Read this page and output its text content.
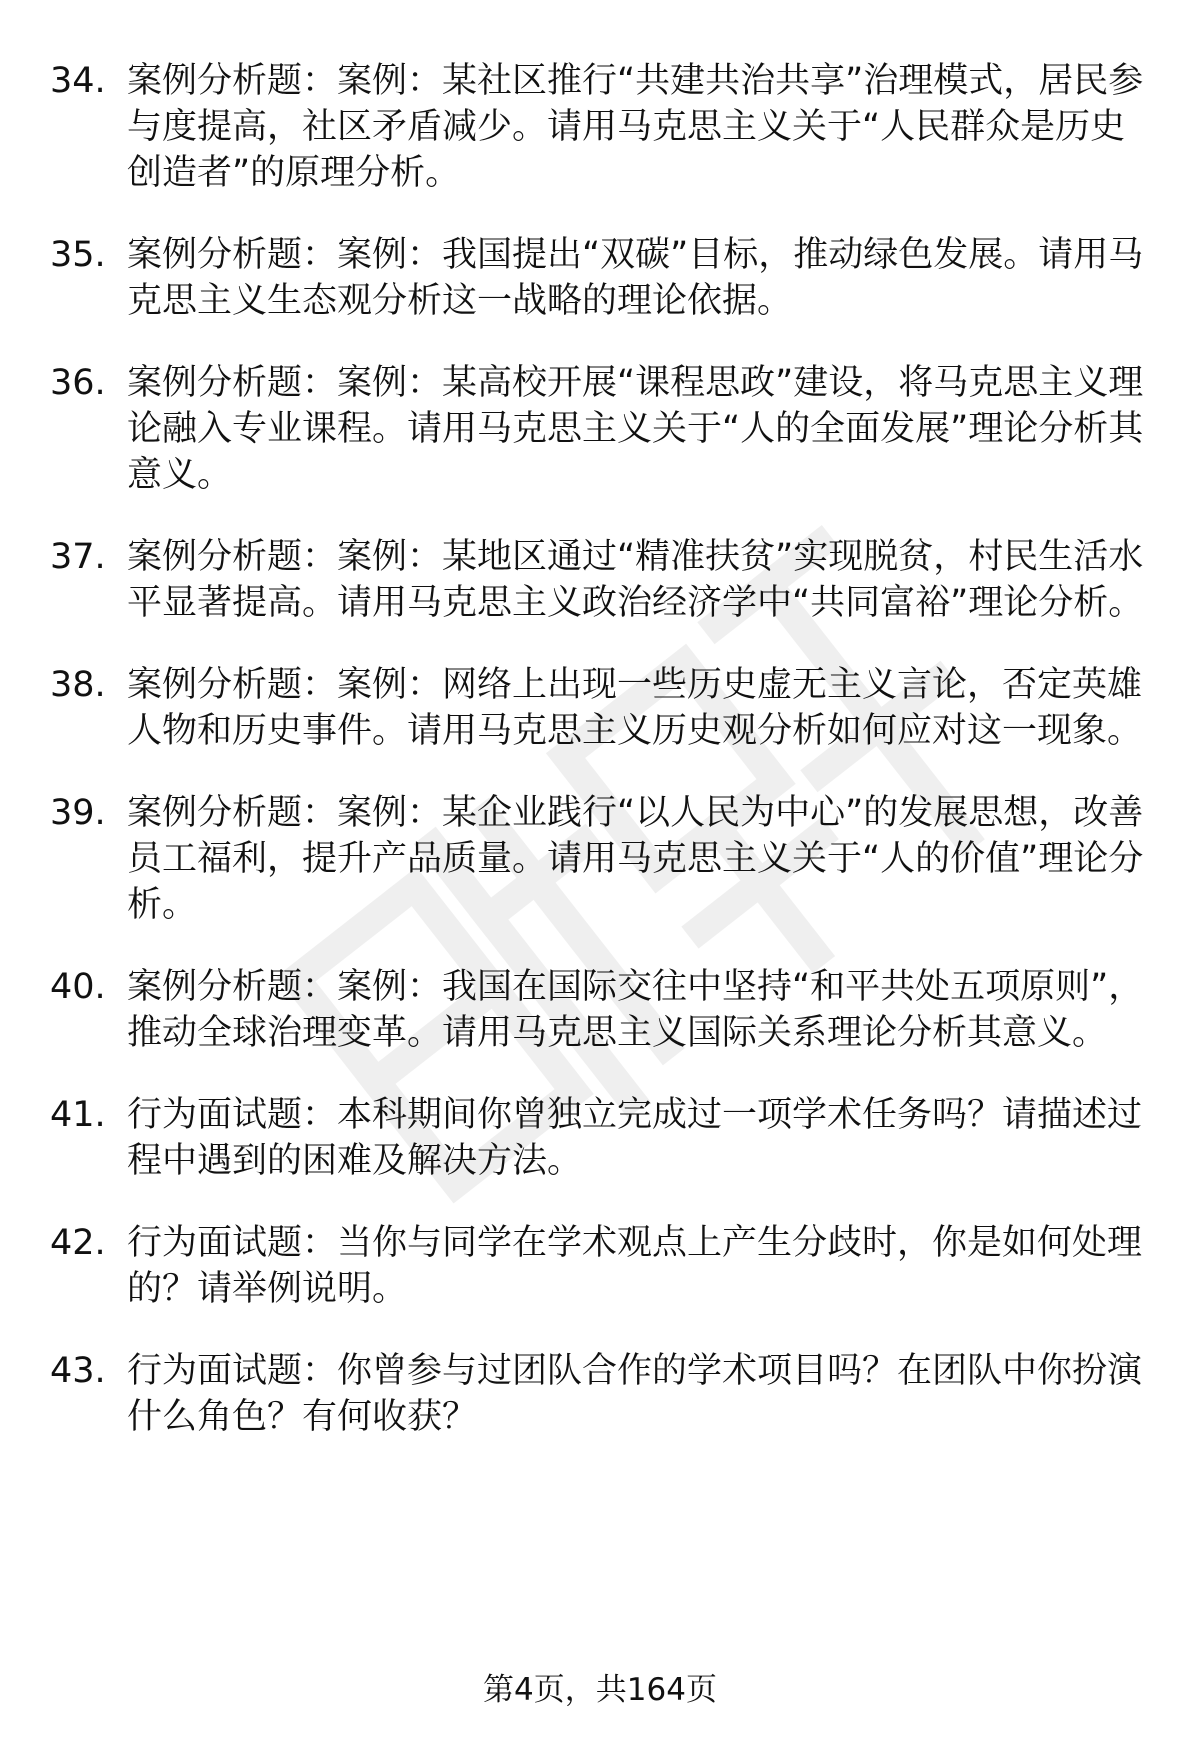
34. 案例分析题：案例：某社区推行“共建共治共享”治理模式，居民参与度提高，社区矛盾减少。请用马克思主义关于“人民群众是历史创造者”的原理分析。
35. 案例分析题：案例：我国提出“双碳”目标，推动绿色发展。请用马克思主义生态观分析这一战略的理论依据。
36. 案例分析题：案例：某高校开展“课程思政”建设，将马克思主义理论融入专业课程。请用马克思主义关于“人的全面发展”理论分析其意义。
37. 案例分析题：案例：某地区通过“精准扶贫”实现脱贫，村民生活水平显著提高。请用马克思主义政治经济学中“共同富裕”理论分析。
38. 案例分析题：案例：网络上出现一些历史虚无主义言论，否定英雄人物和历史事件。请用马克思主义历史观分析如何应对这一现象。
39. 案例分析题：案例：某企业践行“以人民为中心”的发展思想，改善员工福利，提升产品质量。请用马克思主义关于“人的价值”理论分析。
40. 案例分析题：案例：我国在国际交往中坚持“和平共处五项原则”，推动全球治理变革。请用马克思主义国际关系理论分析其意义。
41. 行为面试题：本科期间你曾独立完成过一项学术任务吗？请描述过程中遇到的困难及解决方法。
42. 行为面试题：当你与同学在学术观点上产生分歧时，你是如何处理的？请举例说明。
43. 行为面试题：你曾参与过团队合作的学术项目吗？在团队中你扮演什么角色？有何收获？
第4页，共164页
